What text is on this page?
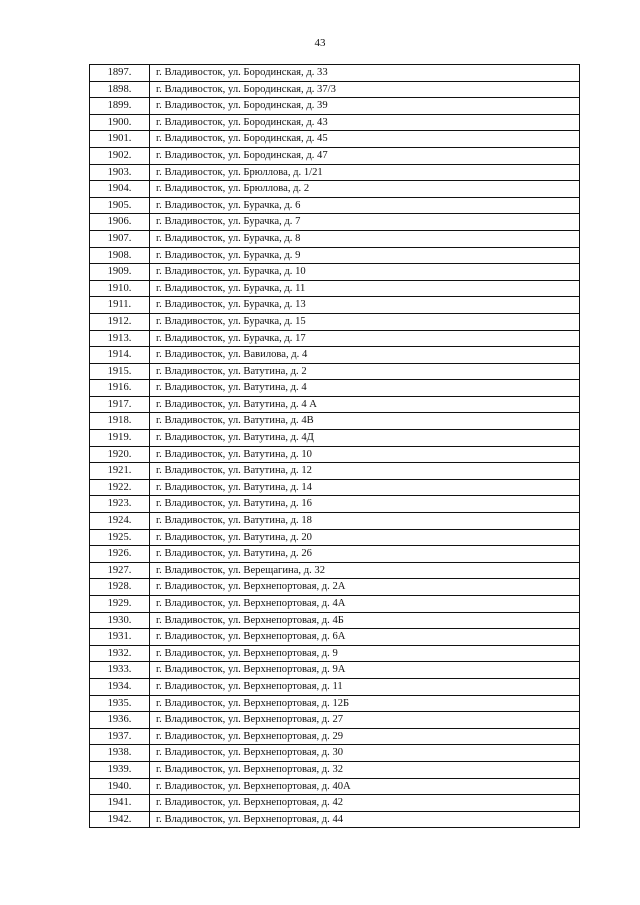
43
1897.	г. Владивосток, ул. Бородинская, д. 33
1898.	г. Владивосток, ул. Бородинская, д. 37/3
1899.	г. Владивосток, ул. Бородинская, д. 39
1900.	г. Владивосток, ул. Бородинская, д. 43
1901.	г. Владивосток, ул. Бородинская, д. 45
1902.	г. Владивосток, ул. Бородинская, д. 47
1903.	г. Владивосток, ул. Брюллова, д. 1/21
1904.	г. Владивосток, ул. Брюллова, д. 2
1905.	г. Владивосток, ул. Бурачка, д. 6
1906.	г. Владивосток, ул. Бурачка, д. 7
1907.	г. Владивосток, ул. Бурачка, д. 8
1908.	г. Владивосток, ул. Бурачка, д. 9
1909.	г. Владивосток, ул. Бурачка, д. 10
1910.	г. Владивосток, ул. Бурачка, д. 11
1911.	г. Владивосток, ул. Бурачка, д. 13
1912.	г. Владивосток, ул. Бурачка, д. 15
1913.	г. Владивосток, ул. Бурачка, д. 17
1914.	г. Владивосток, ул. Вавилова, д. 4
1915.	г. Владивосток, ул. Ватутина, д. 2
1916.	г. Владивосток, ул. Ватутина, д. 4
1917.	г. Владивосток, ул. Ватутина, д. 4 А
1918.	г. Владивосток, ул. Ватутина, д. 4В
1919.	г. Владивосток, ул. Ватутина, д. 4Д
1920.	г. Владивосток, ул. Ватутина, д. 10
1921.	г. Владивосток, ул. Ватутина, д. 12
1922.	г. Владивосток, ул. Ватутина, д. 14
1923.	г. Владивосток, ул. Ватутина, д. 16
1924.	г. Владивосток, ул. Ватутина, д. 18
1925.	г. Владивосток, ул. Ватутина, д. 20
1926.	г. Владивосток, ул. Ватутина, д. 26
1927.	г. Владивосток, ул. Верещагина, д. 32
1928.	г. Владивосток, ул. Верхнепортовая, д. 2А
1929.	г. Владивосток, ул. Верхнепортовая, д. 4А
1930.	г. Владивосток, ул. Верхнепортовая, д. 4Б
1931.	г. Владивосток, ул. Верхнепортовая, д. 6А
1932.	г. Владивосток, ул. Верхнепортовая, д. 9
1933.	г. Владивосток, ул. Верхнепортовая, д. 9А
1934.	г. Владивосток, ул. Верхнепортовая, д. 11
1935.	г. Владивосток, ул. Верхнепортовая, д. 12Б
1936.	г. Владивосток, ул. Верхнепортовая, д. 27
1937.	г. Владивосток, ул. Верхнепортовая, д. 29
1938.	г. Владивосток, ул. Верхнепортовая, д. 30
1939.	г. Владивосток, ул. Верхнепортовая, д. 32
1940.	г. Владивосток, ул. Верхнепортовая, д. 40А
1941.	г. Владивосток, ул. Верхнепортовая, д. 42
1942.	г. Владивосток, ул. Верхнепортовая, д. 44
